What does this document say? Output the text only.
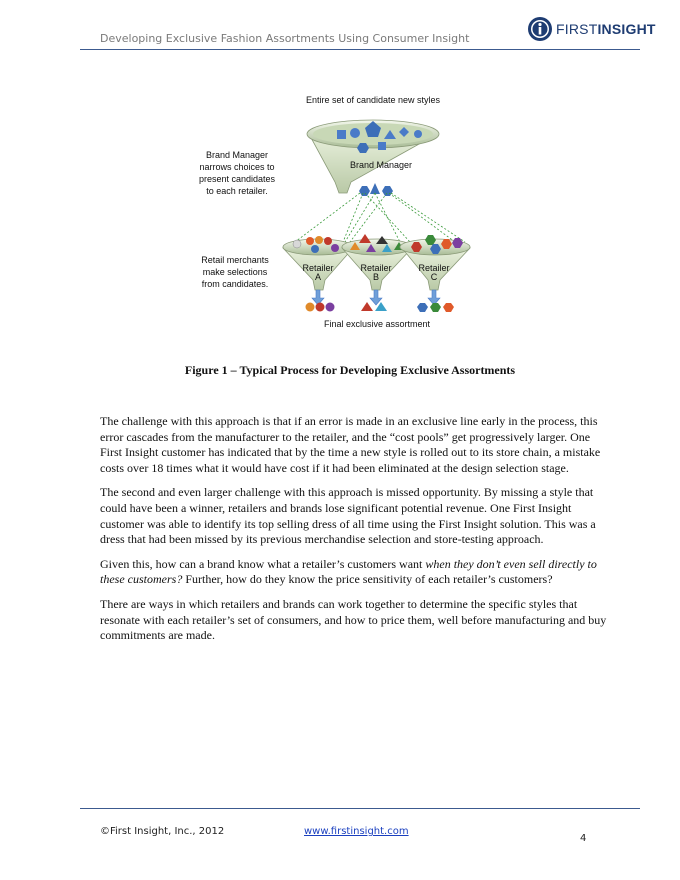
Developing Exclusive Fashion Assortments Using Consumer Insight
FIRSTINSIGHT
Entire set of candidate new styles
Brand Manager
Brand Manager
narrows choices to
present candidates
to each retailer.
Retailer
A
Retailer
B
Retailer
C
Retail merchants
make selections
from candidates.
Final exclusive assortment
Figure 1 – Typical Process for Developing Exclusive Assortments

The challenge with this approach is that if an error is made in an exclusive line early in the process, this error cascades from the manufacturer to the retailer, and the “cost pools” get progressively larger. One First Insight customer has indicated that by the time a new style is rolled out to its store chain, a mistake costs over 18 times what it would have cost if it had been eliminated at the design selection stage.

The second and even larger challenge with this approach is missed opportunity. By missing a style that could have been a winner, retailers and brands lose significant potential revenue. One First Insight customer was able to identify its top selling dress of all time using the First Insight solution. This was a dress that had been missed by its previous merchandise selection and store-testing approach.

Given this, how can a brand know what a retailer’s customers want when they don’t even sell directly to these customers? Further, how do they know the price sensitivity of each retailer’s customers?

There are ways in which retailers and brands can work together to determine the specific styles that resonate with each retailer’s set of consumers, and how to price them, well before manufacturing and buy commitments are made.

©First Insight, Inc., 2012	www.firstinsight.com
4
